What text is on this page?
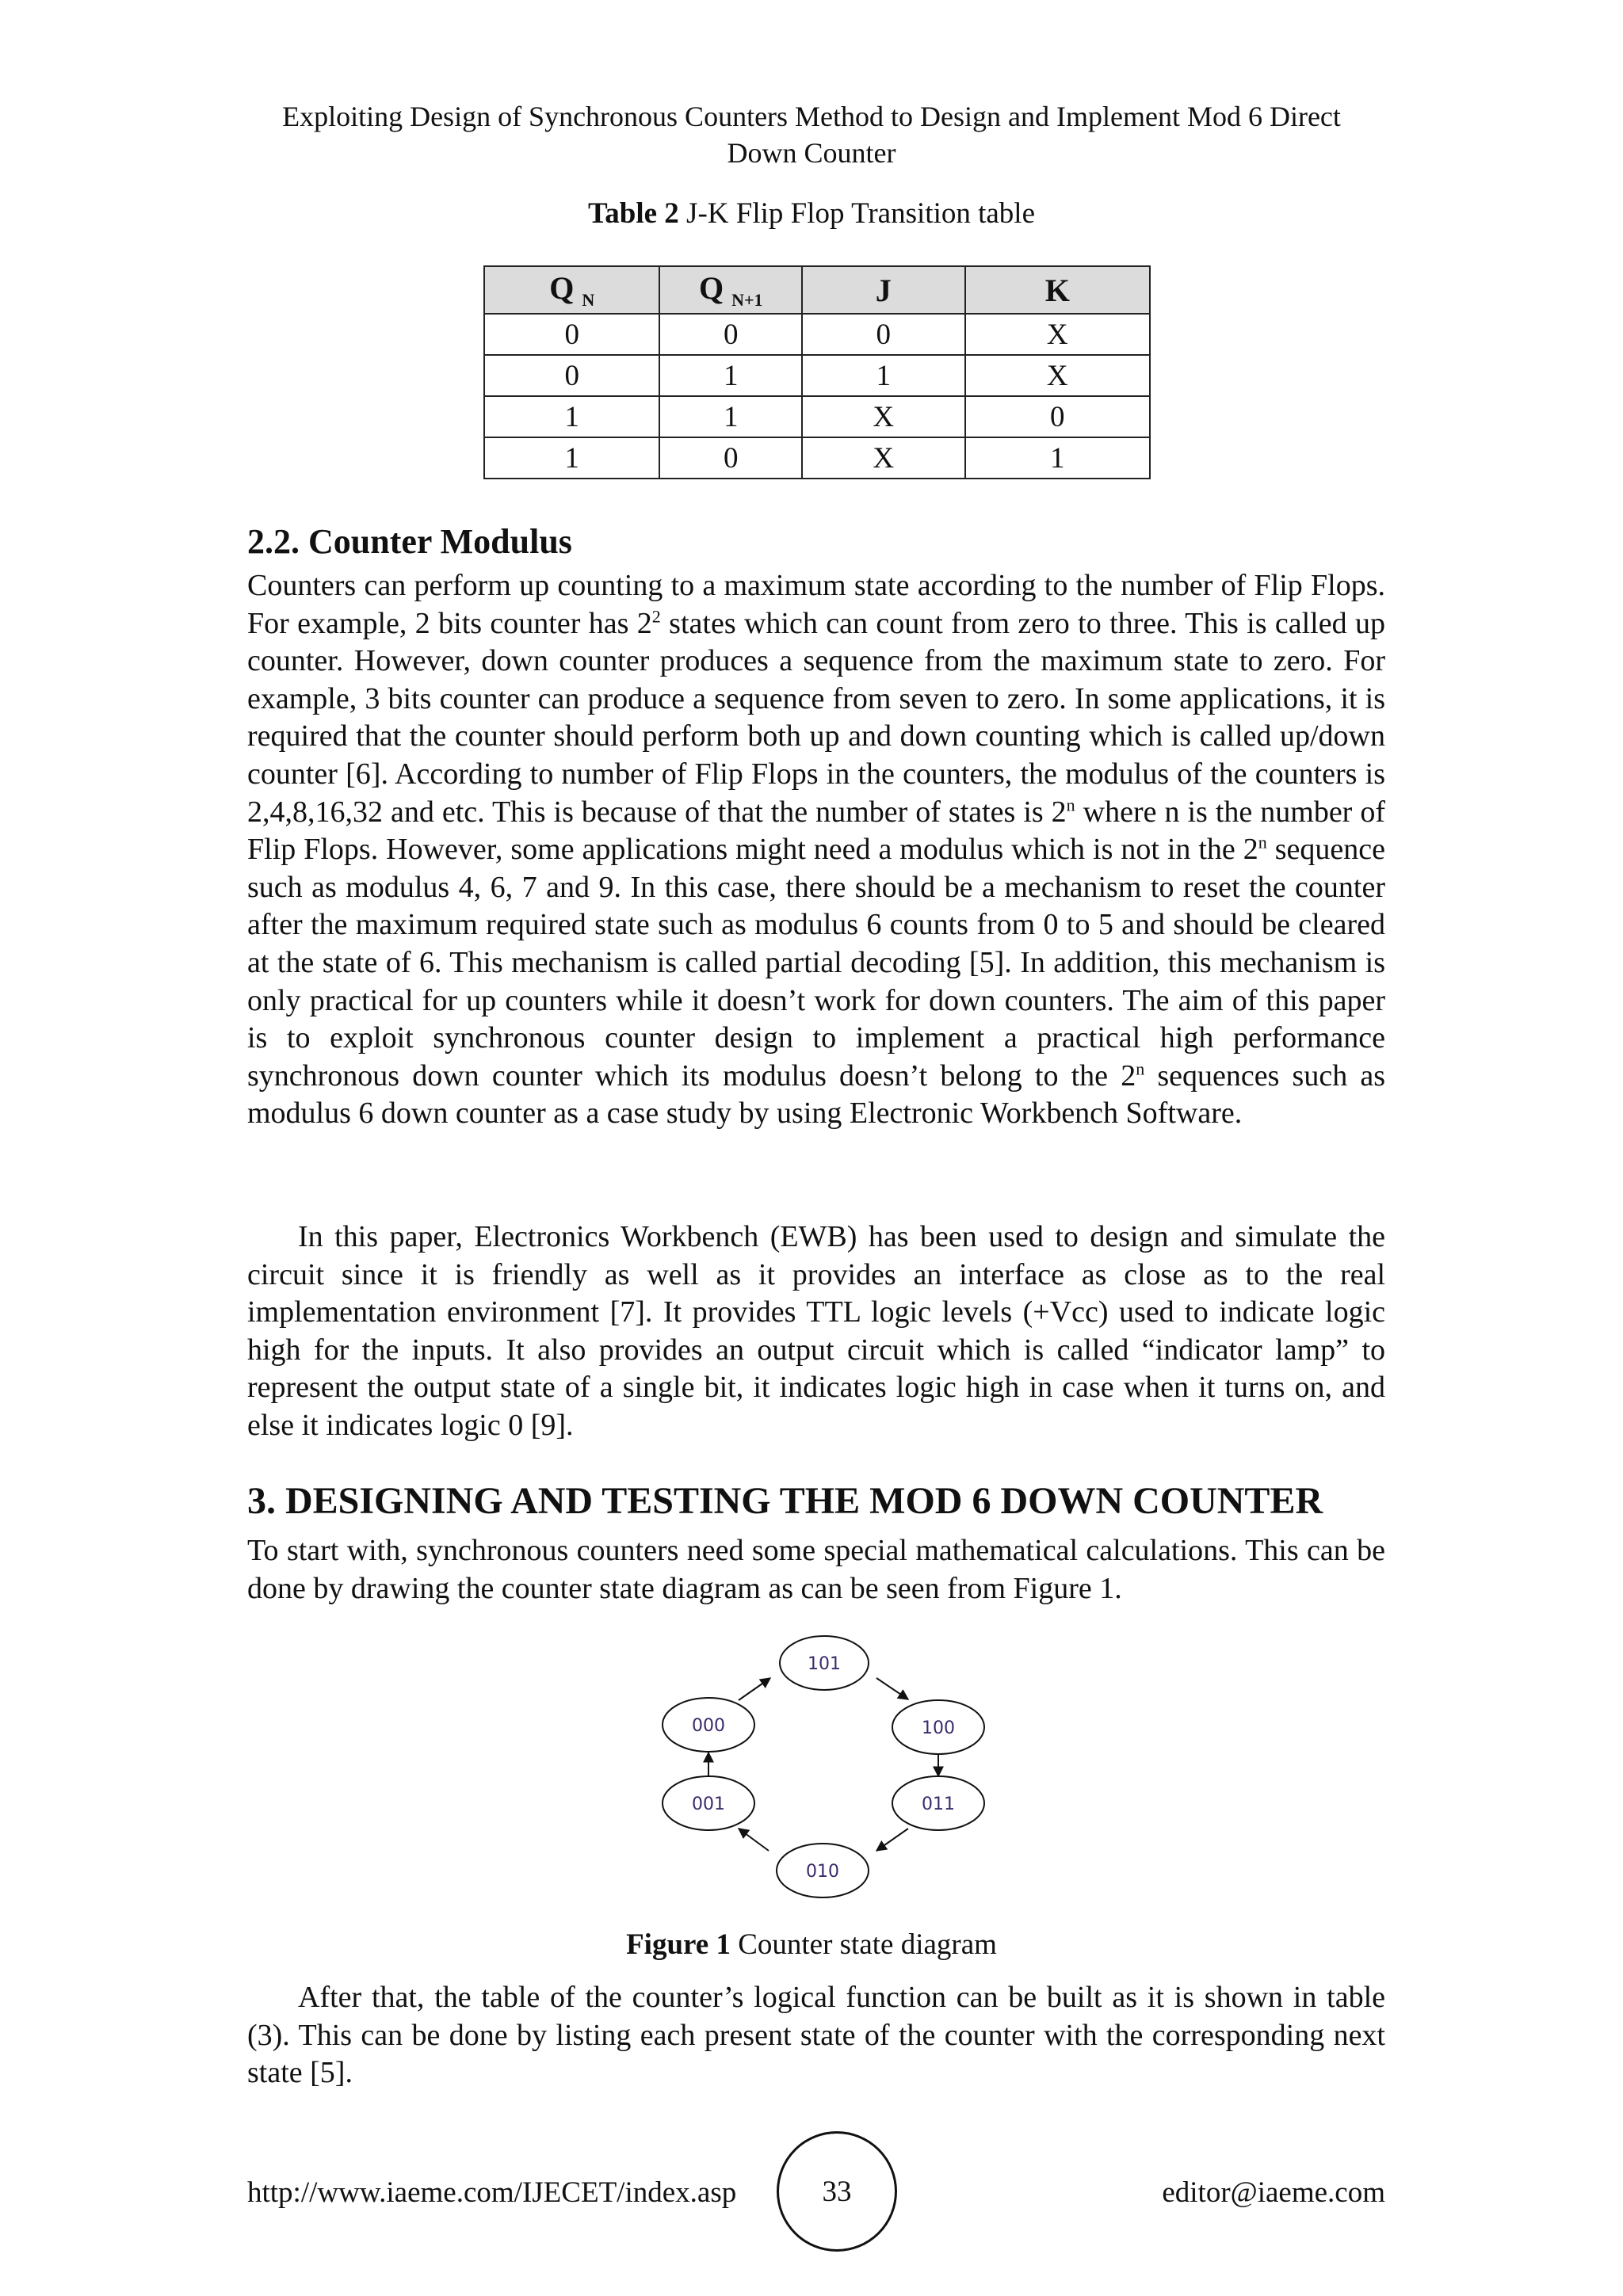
Exploiting Design of Synchronous Counters Method to Design and Implement Mod 6 Direct
Down Counter
Table 2 J-K Flip Flop Transition table
Q $_N$	Q $_{N+1}$	J	K
0	0	0	X
0	1	1	X
1	1	X	0
1	0	X	1
2.2. Counter Modulus
Counters can perform up counting to a maximum state according to the number of Flip Flops. For example, 2 bits counter has $2^2$ states which can count from zero to three. This is called up counter. However, down counter produces a sequence from the maximum state to zero. For example, 3 bits counter can produce a sequence from seven to zero. In some applications, it is required that the counter should perform both up and down counting which is called up/down counter [6]. According to number of Flip Flops in the counters, the modulus of the counters is 2,4,8,16,32 and etc. This is because of that the number of states is 2$^n$ where n is the number of Flip Flops. However, some applications might need a modulus which is not in the 2$^n$ sequence such as modulus 4, 6, 7 and 9. In this case, there should be a mechanism to reset the counter after the maximum required state such as modulus 6 counts from 0 to 5 and should be cleared at the state of 6. This mechanism is called partial decoding [5]. In addition, this mechanism is only practical for up counters while it doesn’t work for down counters. The aim of this paper is to exploit synchronous counter design to implement a practical high performance synchronous down counter which its modulus doesn’t belong to the 2$^n$ sequences such as modulus 6 down counter as a case study by using Electronic Workbench Software.
In this paper, Electronics Workbench (EWB) has been used to design and simulate the circuit since it is friendly as well as it provides an interface as close as to the real implementation environment [7]. It provides TTL logic levels (+Vcc) used to indicate logic high for the inputs. It also provides an output circuit which is called “indicator lamp” to represent the output state of a single bit, it indicates logic high in case when it turns on, and else it indicates logic 0 [9].
3. DESIGNING AND TESTING THE MOD 6 DOWN COUNTER
To start with, synchronous counters need some special mathematical calculations. This can be done by drawing the counter state diagram as can be seen from Figure 1.
101
100
011
010
001
000
Figure 1 Counter state diagram
After that, the table of the counter’s logical function can be built as it is shown in table (3). This can be done by listing each present state of the counter with the corresponding next state [5].
http://www.iaeme.com/IJECET/index.asp	33	editor@iaeme.com
